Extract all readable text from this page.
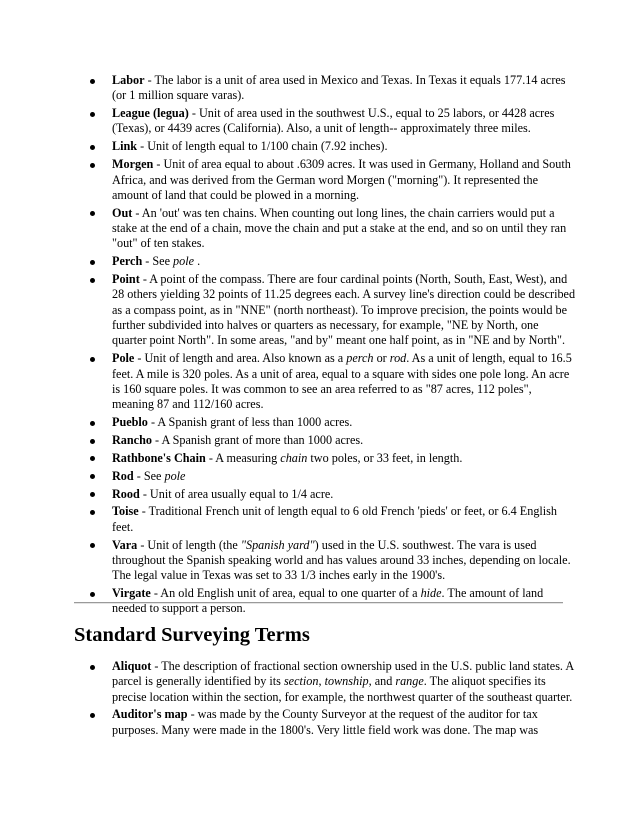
Labor - The labor is a unit of area used in Mexico and Texas. In Texas it equals 177.14 acres (or 1 million square varas).
League (legua) - Unit of area used in the southwest U.S., equal to 25 labors, or 4428 acres (Texas), or 4439 acres (California). Also, a unit of length-- approximately three miles.
Link - Unit of length equal to 1/100 chain (7.92 inches).
Morgen - Unit of area equal to about .6309 acres. It was used in Germany, Holland and South Africa, and was derived from the German word Morgen ("morning"). It represented the amount of land that could be plowed in a morning.
Out - An 'out' was ten chains. When counting out long lines, the chain carriers would put a stake at the end of a chain, move the chain and put a stake at the end, and so on until they ran "out" of ten stakes.
Perch - See pole .
Point - A point of the compass. There are four cardinal points (North, South, East, West), and 28 others yielding 32 points of 11.25 degrees each. A survey line's direction could be described as a compass point, as in "NNE" (north northeast). To improve precision, the points would be further subdivided into halves or quarters as necessary, for example, "NE by North, one quarter point North". In some areas, "and by" meant one half point, as in "NE and by North".
Pole - Unit of length and area. Also known as a perch or rod. As a unit of length, equal to 16.5 feet. A mile is 320 poles. As a unit of area, equal to a square with sides one pole long. An acre is 160 square poles. It was common to see an area referred to as "87 acres, 112 poles", meaning 87 and 112/160 acres.
Pueblo - A Spanish grant of less than 1000 acres.
Rancho - A Spanish grant of more than 1000 acres.
Rathbone's Chain - A measuring chain two poles, or 33 feet, in length.
Rod - See pole
Rood - Unit of area usually equal to 1/4 acre.
Toise - Traditional French unit of length equal to 6 old French 'pieds' or feet, or 6.4 English feet.
Vara - Unit of length (the "Spanish yard") used in the U.S. southwest. The vara is used throughout the Spanish speaking world and has values around 33 inches, depending on locale. The legal value in Texas was set to 33 1/3 inches early in the 1900's.
Virgate - An old English unit of area, equal to one quarter of a hide. The amount of land needed to support a person.
Standard Surveying Terms
Aliquot - The description of fractional section ownership used in the U.S. public land states. A parcel is generally identified by its section, township, and range. The aliquot specifies its precise location within the section, for example, the northwest quarter of the southeast quarter.
Auditor's map - was made by the County Surveyor at the request of the auditor for tax purposes. Many were made in the 1800's. Very little field work was done. The map was
